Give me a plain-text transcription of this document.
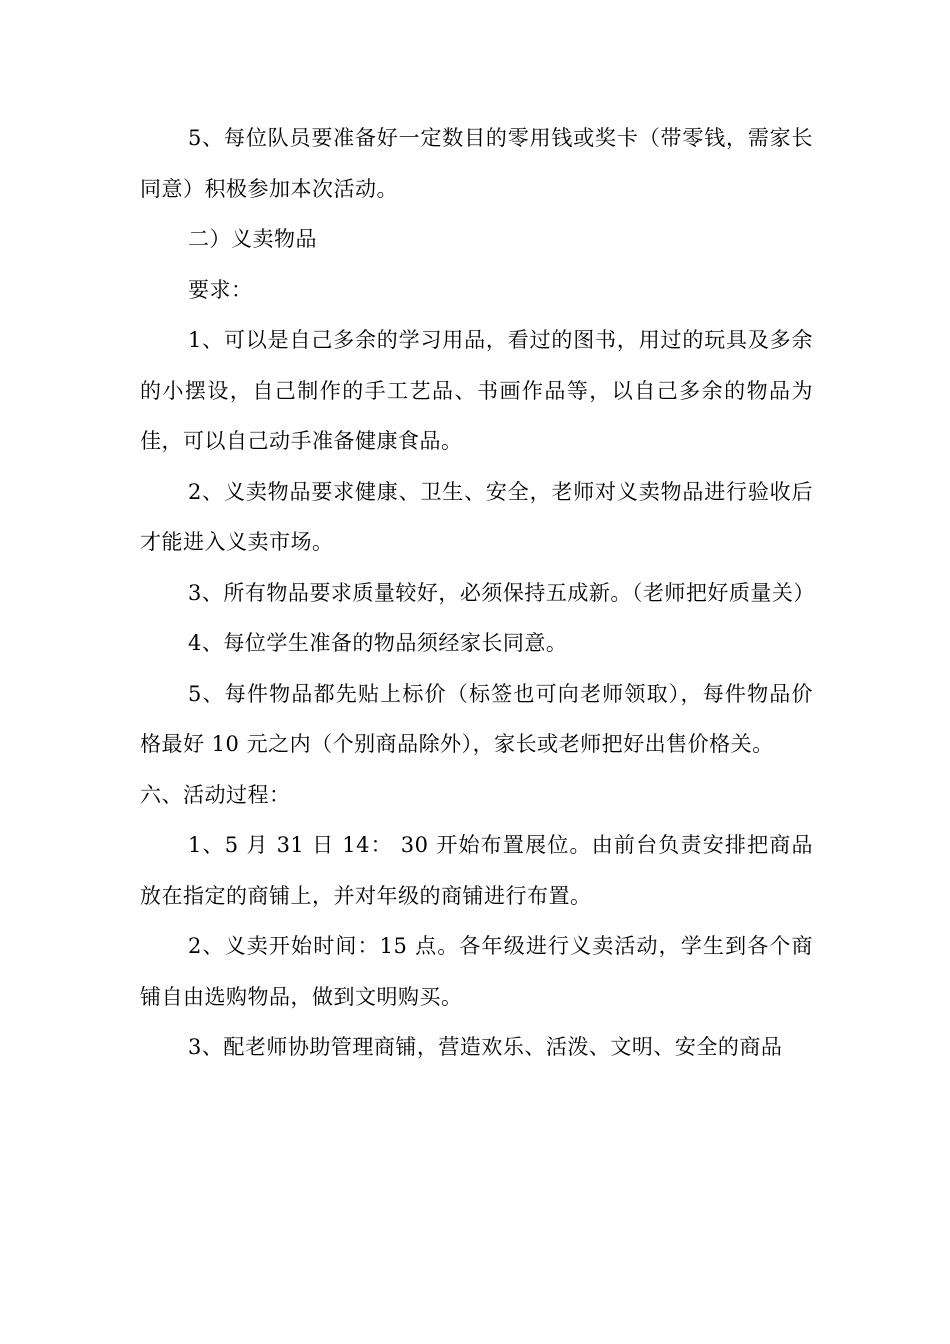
5、每位队员要准备好一定数目的零用钱或奖卡（带零钱，需家长同意）积极参加本次活动。

二）义卖物品

要求：

1、可以是自己多余的学习用品，看过的图书，用过的玩具及多余的小摆设，自己制作的手工艺品、书画作品等，以自己多余的物品为佳，可以自己动手准备健康食品。

2、义卖物品要求健康、卫生、安全，老师对义卖物品进行验收后才能进入义卖市场。

3、所有物品要求质量较好，必须保持五成新。（老师把好质量关）

4、每位学生准备的物品须经家长同意。

5、每件物品都先贴上标价（标签也可向老师领取），每件物品价格最好 10 元之内（个别商品除外），家长或老师把好出售价格关。

六、活动过程：

1、5 月 31 日 14： 30 开始布置展位。由前台负责安排把商品放在指定的商铺上，并对年级的商铺进行布置。

2、义卖开始时间：15 点。各年级进行义卖活动，学生到各个商铺自由选购物品，做到文明购买。

3、配老师协助管理商铺，营造欢乐、活泼、文明、安全的商品
